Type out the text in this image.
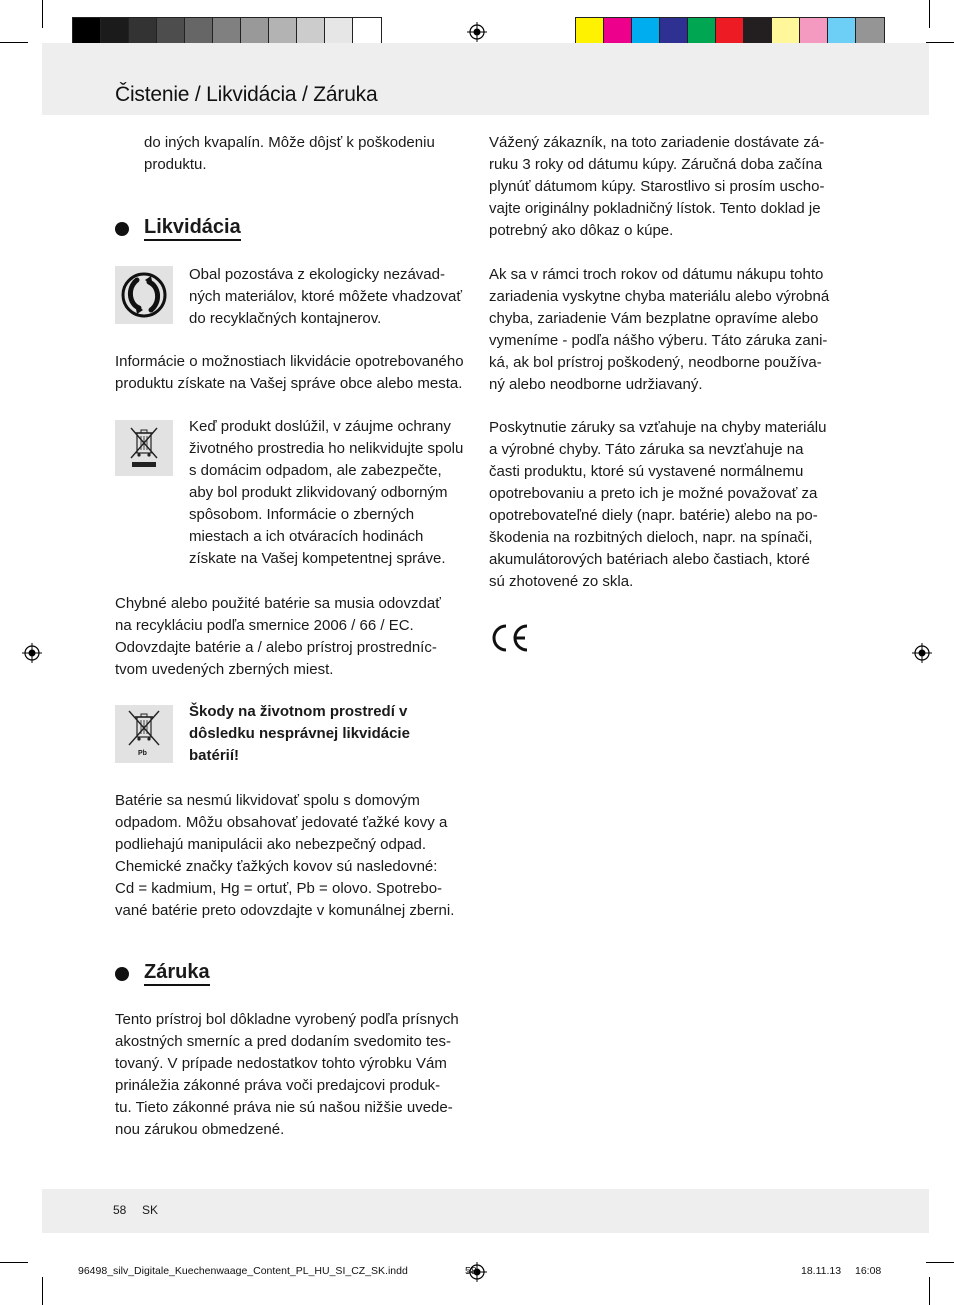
Čistenie / Likvidácia / Záruka
do iných kvapalín. Môže dôjsť k poškodeniu
produktu.
Likvidácia
Obal pozostáva z ekologicky nezávad-
ných materiálov, ktoré môžete vhadzovať
do recyklačných kontajnerov.
Informácie o možnostiach likvidácie opotrebovaného
produktu získate na Vašej správe obce alebo mesta.
Keď produkt doslúžil, v záujme ochrany
životného prostredia ho nelikvidujte spolu
s domácim odpadom, ale zabezpečte,
aby bol produkt zlikvidovaný odborným
spôsobom. Informácie o zberných
miestach a ich otváracích hodinách
získate na Vašej kompetentnej správe.
Chybné alebo použité batérie sa musia odovzdať
na recykláciu podľa smernice 2006 / 66 / EC.
Odovzdajte batérie a / alebo prístroj prostredníc-
tvom uvedených zberných miest.
Pb
Škody na životnom prostredí v
dôsledku nesprávnej likvidácie
batérií!
Batérie sa nesmú likvidovať spolu s domovým
odpadom. Môžu obsahovať jedovaté ťažké kovy a
podliehajú manipulácii ako nebezpečný odpad.
Chemické značky ťažkých kovov sú nasledovné:
Cd = kadmium, Hg = ortuť, Pb = olovo. Spotrebo-
vané batérie preto odovzdajte v komunálnej zberni.
Záruka
Tento prístroj bol dôkladne vyrobený podľa prísnych
akostných smerníc a pred dodaním svedomito tes-
tovaný. V prípade nedostatkov tohto výrobku Vám
prináležia zákonné práva voči predajcovi produk-
tu. Tieto zákonné práva nie sú našou nižšie uvede-
nou zárukou obmedzené.
Vážený zákazník, na toto zariadenie dostávate zá-
ruku 3 roky od dátumu kúpy. Záručná doba začína
plynúť dátumom kúpy. Starostlivo si prosím uscho-
vajte originálny pokladničný lístok. Tento doklad je
potrebný ako dôkaz o kúpe.
Ak sa v rámci troch rokov od dátumu nákupu tohto
zariadenia vyskytne chyba materiálu alebo výrobná
chyba, zariadenie Vám bezplatne opravíme alebo
vymeníme - podľa nášho výberu. Táto záruka zani-
ká, ak bol prístroj poškodený, neodborne používa-
ný alebo neodborne udržiavaný.
Poskytnutie záruky sa vzťahuje na chyby materiálu
a výrobné chyby. Táto záruka sa nevzťahuje na
časti produktu, ktoré sú vystavené normálnemu
opotrebovaniu a preto ich je možné považovať za
opotrebovateľné diely (napr. batérie) alebo na po-
škodenia na rozbitných dieloch, napr. na spínači,
akumulátorových batériach alebo častiach, ktoré
sú zhotovené zo skla.
58 SK
96498_silv_Digitale_Kuechenwaage_Content_PL_HU_SI_CZ_SK.indd	58	18.11.13 16:08
